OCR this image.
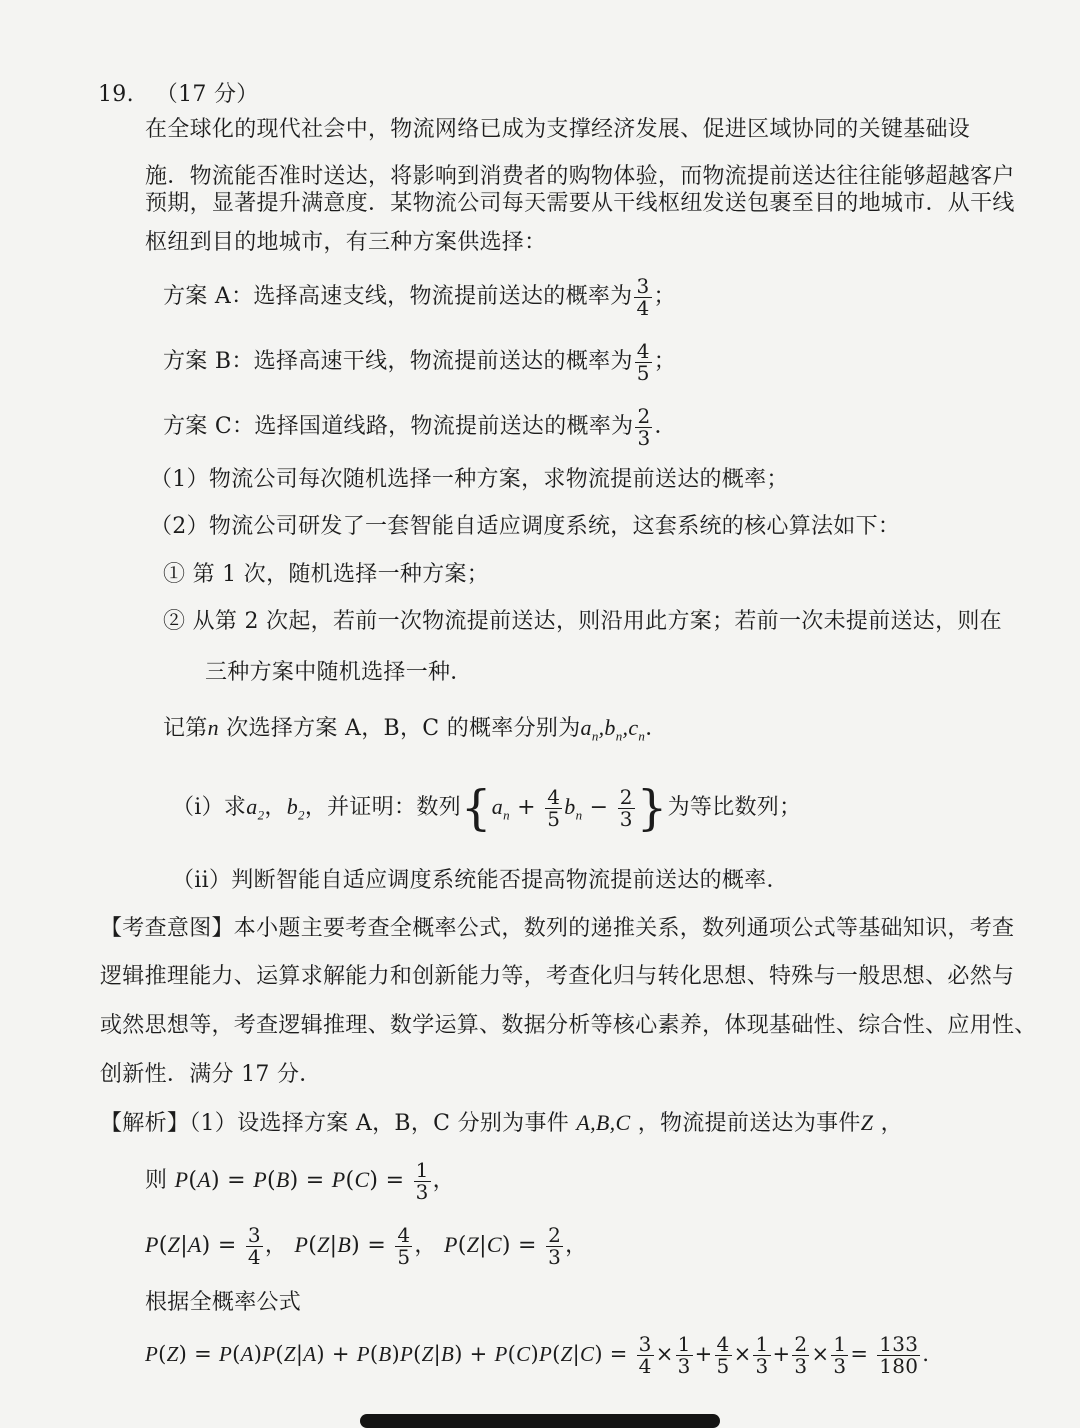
19. （17 分）
在全球化的现代社会中，物流网络已成为支撑经济发展、促进区域协同的关键基础设
施．物流能否准时送达，将影响到消费者的购物体验，而物流提前送达往往能够超越客户
预期，显著提升满意度．某物流公司每天需要从干线枢纽发送包裹至目的地城市．从干线
枢纽到目的地城市，有三种方案供选择：
方案 A：选择高速支线，物流提前送达的概率为 $\frac{3}{4}$ ；
方案 B：选择高速干线，物流提前送达的概率为 $\frac{4}{5}$ ；
方案 C：选择国道线路，物流提前送达的概率为 $\frac{2}{3}$ ．
（1）物流公司每次随机选择一种方案，求物流提前送达的概率；
（2）物流公司研发了一套智能自适应调度系统，这套系统的核心算法如下：
① 第 1 次，随机选择一种方案；
② 从第 2 次起，若前一次物流提前送达，则沿用此方案；若前一次未提前送达，则在
三种方案中随机选择一种．
记第n 次选择方案 A，B，C 的概率分别为$a_n,b_n,c_n$．
（i）求$a_2$，$b_2$，并证明：数列{$a_n + \frac{4}{5} b_n - \frac{2}{3}$ }为等比数列；
（ii）判断智能自适应调度系统能否提高物流提前送达的概率．
【考查意图】本小题主要考查全概率公式，数列的递推关系，数列通项公式等基础知识，考查
逻辑推理能力、运算求解能力和创新能力等，考查化归与转化思想、特殊与一般思想、必然与
或然思想等，考查逻辑推理、数学运算、数据分析等核心素养，体现基础性、综合性、应用性、
创新性．满分 17 分．
【解析】（1）设选择方案 A，B，C 分别为事件 A,B,C ，物流提前送达为事件Z ，
则 $P(A) = P(B) = P(C) = \frac{1}{3}$ ，
$P(Z|A) = \frac{3}{4}$ ， $P(Z|B) = \frac{4}{5}$ ， $P(Z|C) = \frac{2}{3}$ ，
根据全概率公式
$P(Z) = P(A)P(Z|A) + P(B)P(Z|B) + P(C)P(Z|C) = \frac{3}{4} \times \frac{1}{3} + \frac{4}{5} \times \frac{1}{3} + \frac{2}{3} \times \frac{1}{3} = \frac{133}{180}$ ．
